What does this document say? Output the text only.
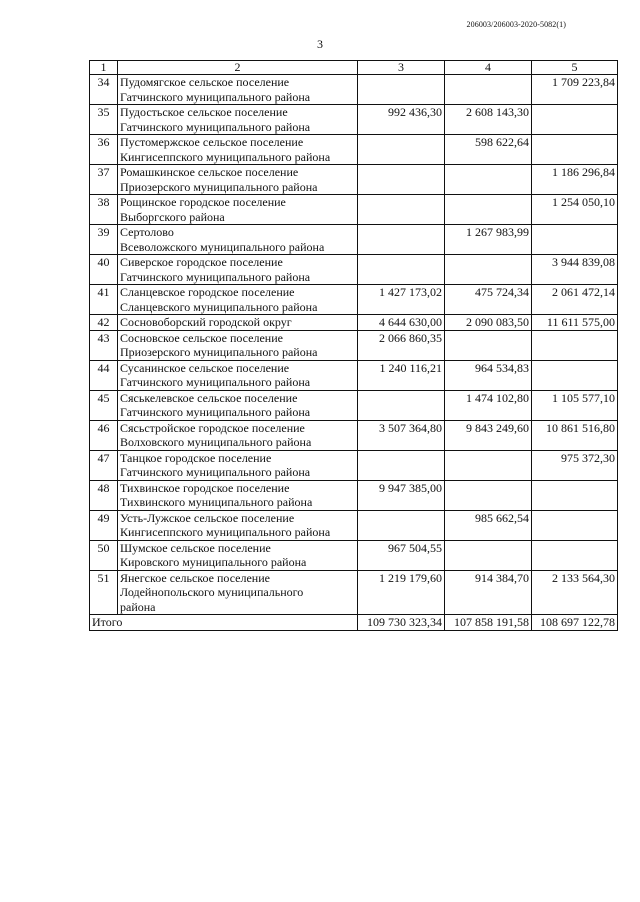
206003/206003-2020-5082(1)
3
1	2	3	4	5
34	Пудомягское сельское поселение
Гатчинского муниципального района			1 709 223,84
35	Пудостьское сельское поселение
Гатчинского муниципального района	992 436,30	2 608 143,30	
36	Пустомержское сельское поселение
Кингисеппского муниципального района		598 622,64	
37	Ромашкинское сельское поселение
Приозерского муниципального района			1 186 296,84
38	Рощинское городское поселение
Выборгского района			1 254 050,10
39	Сертолово
Всеволожского муниципального района		1 267 983,99	
40	Сиверское городское поселение
Гатчинского муниципального района			3 944 839,08
41	Сланцевское городское поселение
Сланцевского муниципального района	1 427 173,02	475 724,34	2 061 472,14
42	Сосновоборский городской округ	4 644 630,00	2 090 083,50	11 611 575,00
43	Сосновское сельское поселение
Приозерского муниципального района	2 066 860,35		
44	Сусанинское сельское поселение
Гатчинского муниципального района	1 240 116,21	964 534,83	
45	Сяськелевское сельское поселение
Гатчинского муниципального района		1 474 102,80	1 105 577,10
46	Сясьстройское городское поселение
Волховского муниципального района	3 507 364,80	9 843 249,60	10 861 516,80
47	Танцкое городское поселение
Гатчинского муниципального района			975 372,30
48	Тихвинское городское поселение
Тихвинского муниципального района	9 947 385,00		
49	Усть-Лужское сельское поселение
Кингисеппского муниципального района		985 662,54	
50	Шумское сельское поселение
Кировского муниципального района	967 504,55		
51	Янегское сельское поселение
Лодейнопольского муниципального
района	1 219 179,60	914 384,70	2 133 564,30
Итого		109 730 323,34	107 858 191,58	108 697 122,78
